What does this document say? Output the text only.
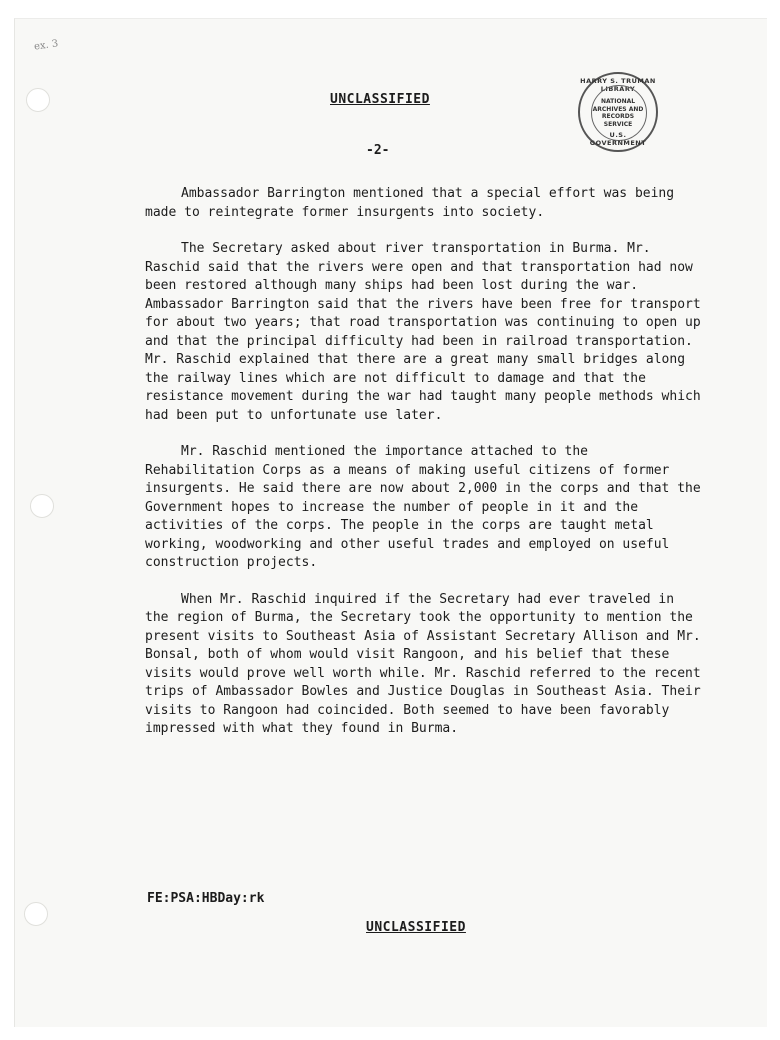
ex. 3
HARRY S. TRUMAN LIBRARY
NATIONAL ARCHIVES AND RECORDS SERVICE
U.S. GOVERNMENT
UNCLASSIFIED
-2-

Ambassador Barrington mentioned that a special effort was being made to reintegrate former insurgents into society.

The Secretary asked about river transportation in Burma. Mr. Raschid said that the rivers were open and that transportation had now been restored although many ships had been lost during the war. Ambassador Barrington said that the rivers have been free for transport for about two years; that road transportation was continuing to open up and that the principal difficulty had been in railroad transportation. Mr. Raschid explained that there are a great many small bridges along the railway lines which are not difficult to damage and that the resistance movement during the war had taught many people methods which had been put to unfortunate use later.

Mr. Raschid mentioned the importance attached to the Rehabilitation Corps as a means of making useful citizens of former insurgents. He said there are now about 2,000 in the corps and that the Government hopes to increase the number of people in it and the activities of the corps. The people in the corps are taught metal working, woodworking and other useful trades and employed on useful construction projects.

When Mr. Raschid inquired if the Secretary had ever traveled in the region of Burma, the Secretary took the opportunity to mention the present visits to Southeast Asia of Assistant Secretary Allison and Mr. Bonsal, both of whom would visit Rangoon, and his belief that these visits would prove well worth while. Mr. Raschid referred to the recent trips of Ambassador Bowles and Justice Douglas in Southeast Asia. Their visits to Rangoon had coincided. Both seemed to have been favorably impressed with what they found in Burma.

FE:PSA:HBDay:rk
UNCLASSIFIED
